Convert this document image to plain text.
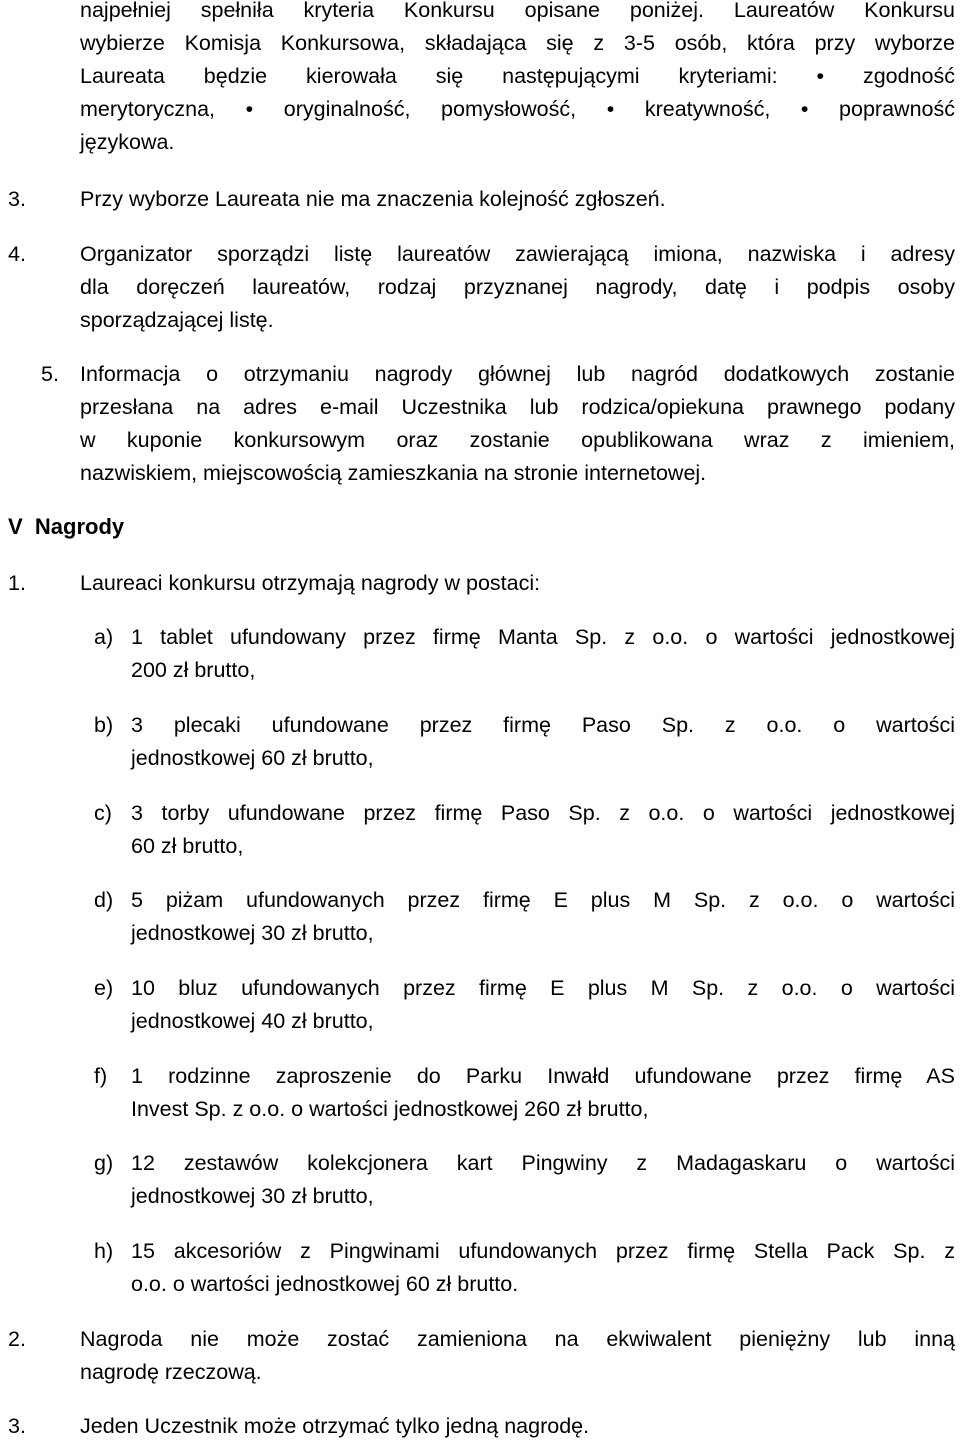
najpełniej spełniła kryteria Konkursu opisane poniżej. Laureatów Konkursu
wybierze Komisja Konkursowa, składająca się z 3-5 osób, która przy wyborze
Laureata będzie kierowała się następującymi kryteriami: • zgodność
merytoryczna, • oryginalność, pomysłowość, • kreatywność, • poprawność
językowa.
3.	Przy wyborze Laureata nie ma znaczenia kolejność zgłoszeń.
4.	Organizator sporządzi listę laureatów zawierającą imiona, nazwiska i adresy
dla doręczeń laureatów, rodzaj przyznanej nagrody, datę i podpis osoby
sporządzającej listę.
5. Informacja o otrzymaniu nagrody głównej lub nagród dodatkowych zostanie
przesłana na adres e-mail Uczestnika lub rodzica/opiekuna prawnego podany
w kuponie konkursowym oraz zostanie opublikowana wraz z imieniem,
nazwiskiem, miejscowością zamieszkania na stronie internetowej.
V  Nagrody
1.	Laureaci konkursu otrzymają nagrody w postaci:
a) 1 tablet ufundowany przez firmę Manta Sp. z o.o. o wartości jednostkowej
200 zł brutto,
b) 3 plecaki ufundowane przez firmę Paso Sp. z o.o. o wartości
jednostkowej 60 zł brutto,
c) 3 torby ufundowane przez firmę Paso Sp. z o.o. o wartości jednostkowej
60 zł brutto,
d) 5 piżam ufundowanych przez firmę E plus M Sp. z o.o. o wartości
jednostkowej 30 zł brutto,
e) 10 bluz ufundowanych przez firmę E plus M Sp. z o.o. o wartości
jednostkowej 40 zł brutto,
f) 1 rodzinne zaproszenie do Parku Inwałd ufundowane przez firmę AS
Invest Sp. z o.o. o wartości jednostkowej 260 zł brutto,
g) 12 zestawów kolekcjonera kart Pingwiny z Madagaskaru o wartości
jednostkowej 30 zł brutto,
h) 15 akcesoriów z Pingwinami ufundowanych przez firmę Stella Pack Sp. z
o.o. o wartości jednostkowej 60 zł brutto.
2.	Nagroda nie może zostać zamieniona na ekwiwalent pieniężny lub inną
nagrodę rzeczową.
3.	Jeden Uczestnik może otrzymać tylko jedną nagrodę.
